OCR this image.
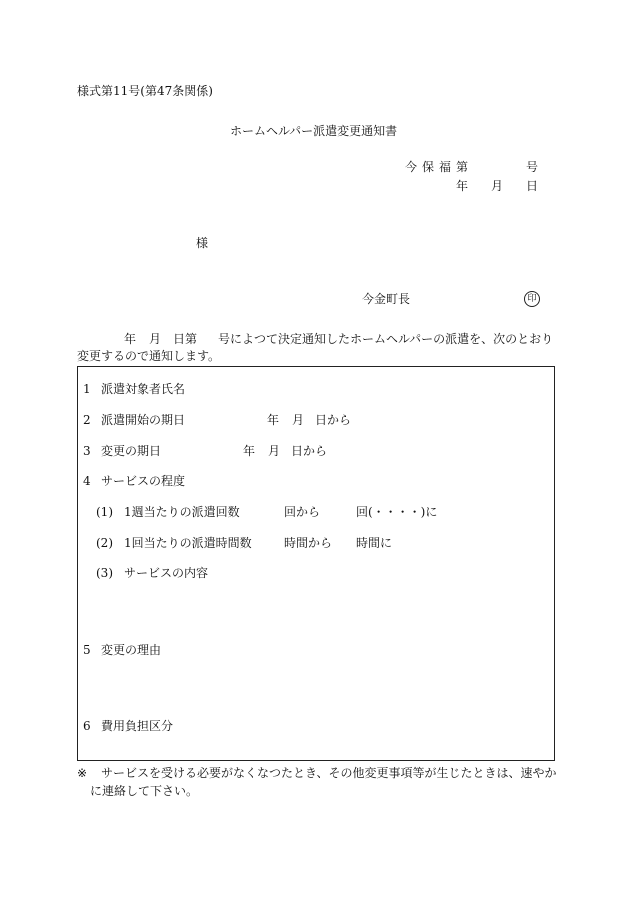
様式第11号(第47条関係)
ホームヘルパー派遣変更通知書
今 保 福 第	号
年 月 日
様
今金町長	印
年 月 日第 号によつて決定通知したホームヘルパーの派遣を、次のとおり
変更するので通知します。
1 派遣対象者氏名
2 派遣開始の期日	年 月 日から
3 変更の期日	年 月 日から
4 サービスの程度
(1) 1週当たりの派遣回数	回から	回(・・・・)に
(2) 1回当たりの派遣時間数	時間から 時間に
(3) サービスの内容
5 変更の理由
6 費用負担区分
※ サービスを受ける必要がなくなつたとき、その他変更事項等が生じたときは、速やか
に連絡して下さい。
